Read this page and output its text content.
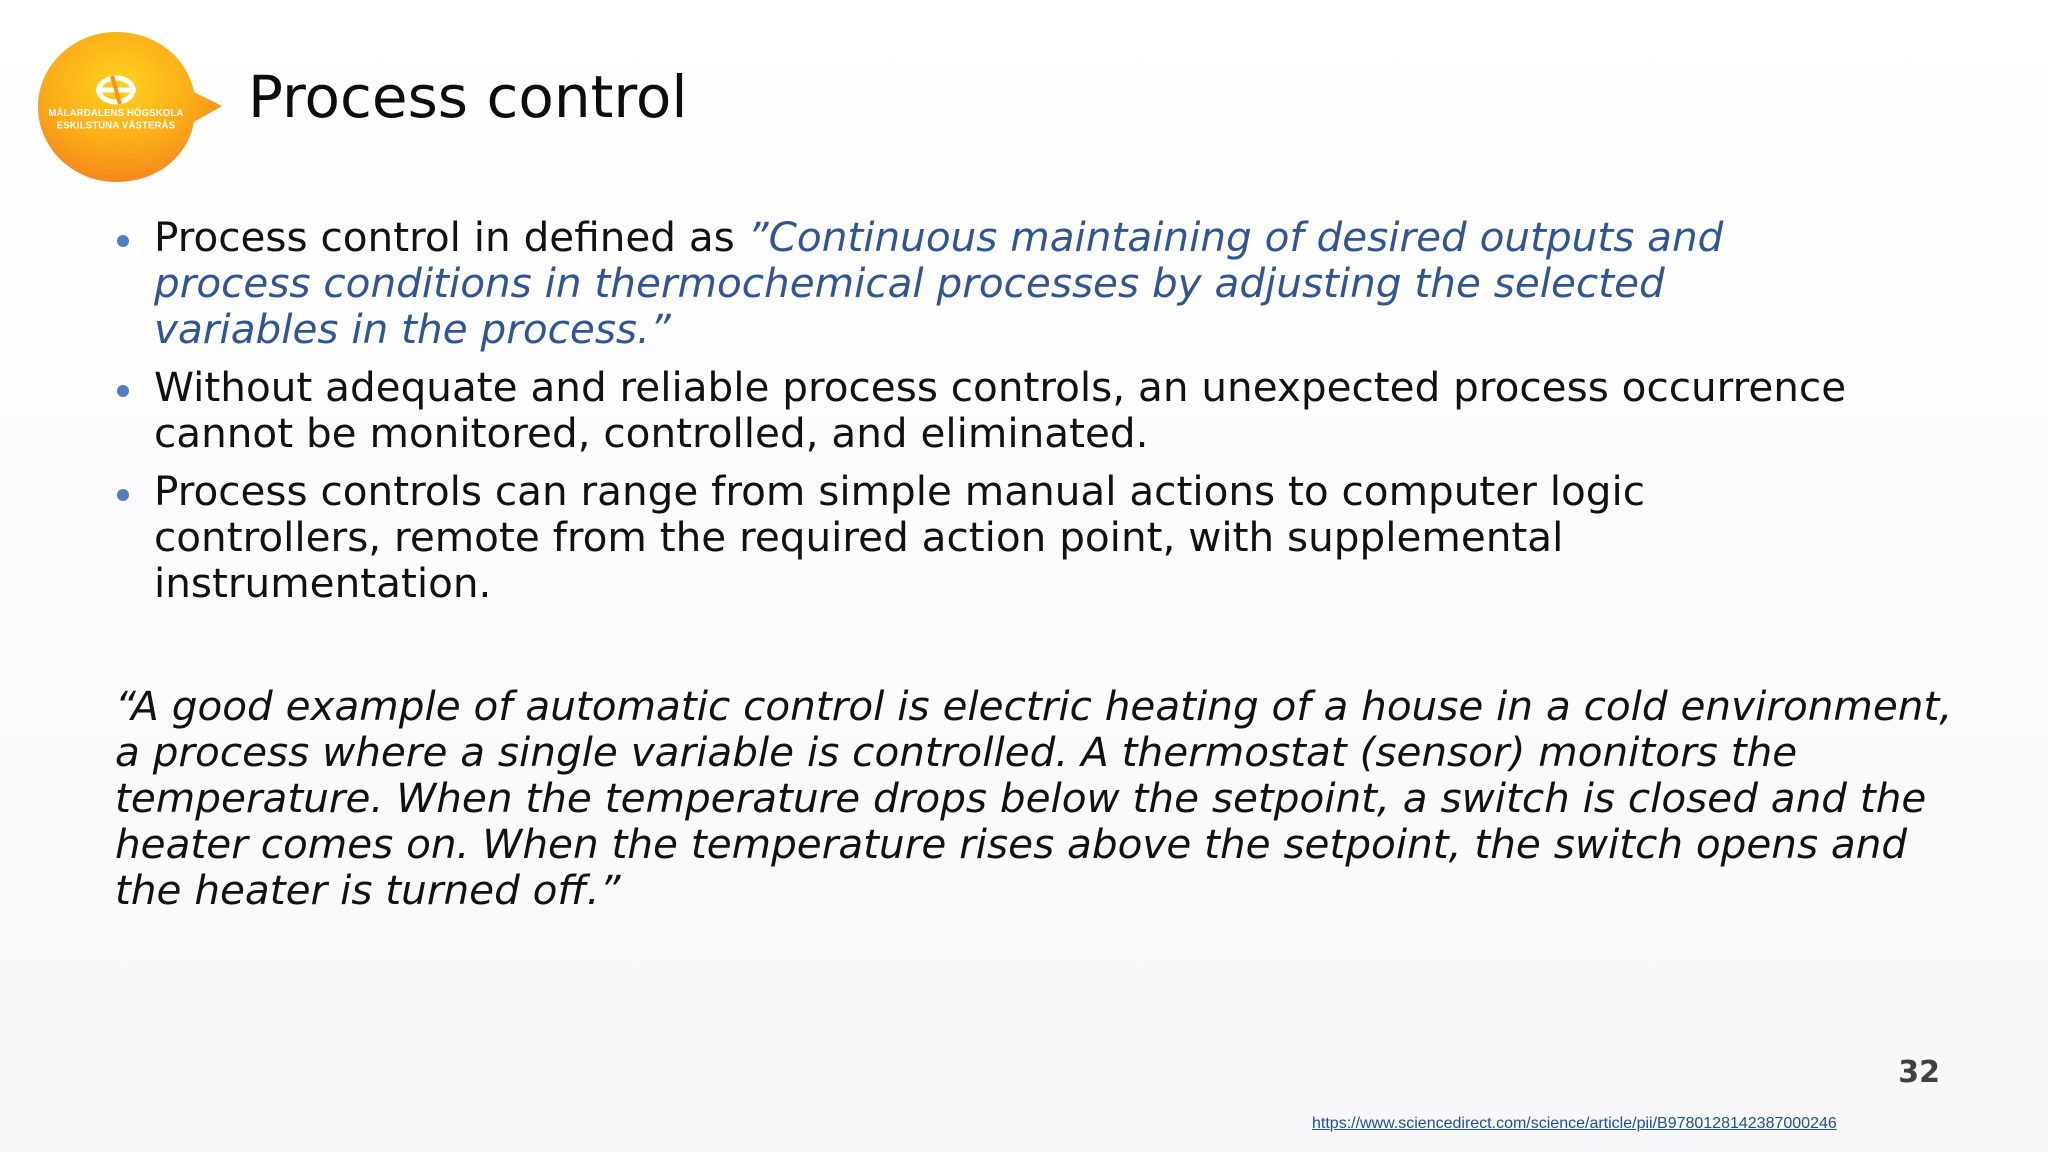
MÄLARDALENS HÖGSKOLA
ESKILSTUNA VÄSTERÅS	Process control
Process control in defined as ”Continuous maintaining of desired outputs and process conditions in thermochemical processes by adjusting the selected variables in the process.”
Without adequate and reliable process controls, an unexpected process occurrence cannot be monitored, controlled, and eliminated.
Process controls can range from simple manual actions to computer logic controllers, remote from the required action point, with supplemental instrumentation.

“A good example of automatic control is electric heating of a house in a cold environment, a process where a single variable is controlled. A thermostat (sensor) monitors the temperature. When the temperature drops below the setpoint, a switch is closed and the heater comes on. When the temperature rises above the setpoint, the switch opens and the heater is turned off.”

32
https://www.sciencedirect.com/science/article/pii/B9780128142387000246
